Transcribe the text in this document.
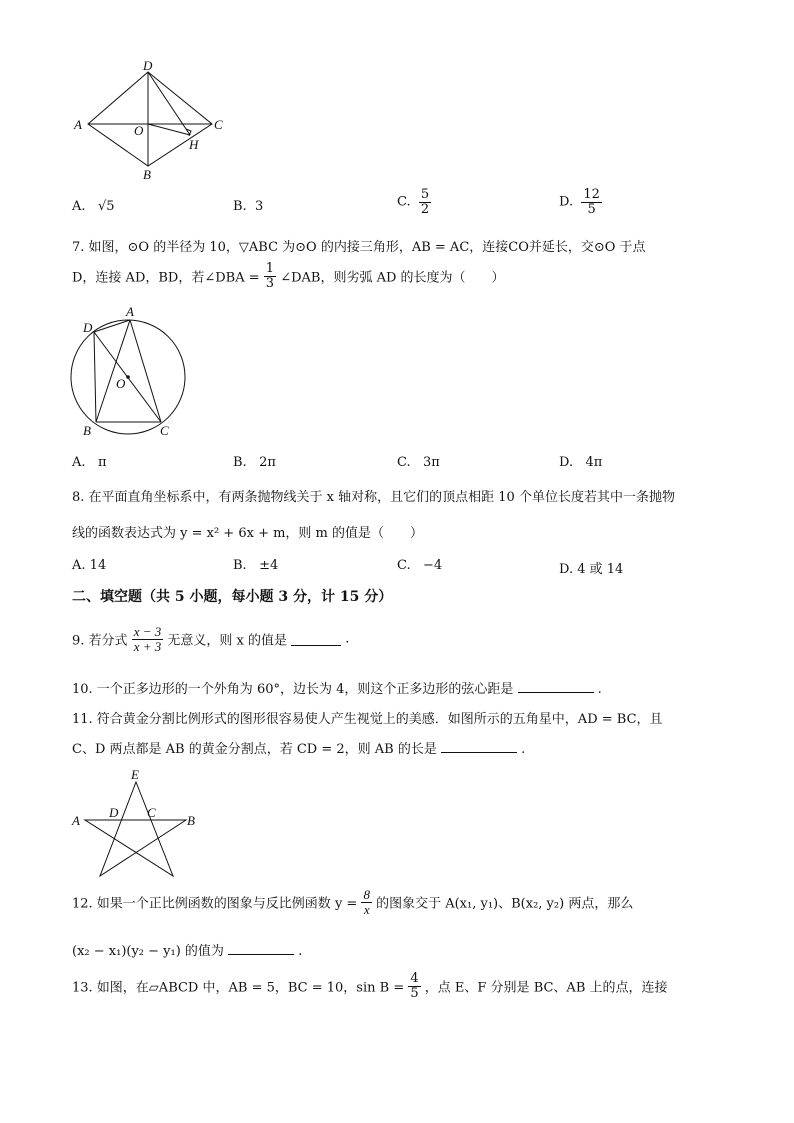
D
A	O	C
H
B
A. √5	B. 3	C. $\frac{5}{2}$	D. $\frac{12}{5}$
7. 如图，⊙O 的半径为 10，▽ABC 为⊙O 的内接三角形，AB = AC，连接CO并延长，交⊙O 于点
D，连接 AD，BD，若∠DBA = $\frac{1}{3}$ ∠DAB，则劣弧 AD 的长度为（　　）
A
D
O
B	C
A. π	B. 2π	C. 3π	D. 4π
8. 在平面直角坐标系中，有两条抛物线关于 x 轴对称，且它们的顶点相距 10 个单位长度若其中一条抛物
线的函数表达式为 y = x² + 6x + m，则 m 的值是（　　）
A. 14	B. ±4	C. −4	D. 4 或 14
二、填空题（共 5 小题，每小题 3 分，计 15 分）
9. 若分式 $\frac{x - 3}{x + 3}$ 无意义，则 x 的值是	.
10. 一个正多边形的一个外角为 60°，边长为 4，则这个正多边形的弦心距是	.
11. 符合黄金分割比例形式的图形很容易使人产生视觉上的美感．如图所示的五角星中，AD = BC，且
C、D 两点都是 AB 的黄金分割点，若 CD = 2，则 AB 的长是	.
E
D C
A	B
12. 如果一个正比例函数的图象与反比例函数 $y = \frac{8}{x}$ 的图象交于 A(x₁, y₁)、B(x₂, y₂) 两点，那么
(x₂ − x₁)(y₂ − y₁) 的值为	.
13. 如图，在▱ABCD 中，AB = 5，BC = 10，$\sin B = \frac{4}{5}$ ，点 E、F 分别是 BC、AB 上的点，连接
